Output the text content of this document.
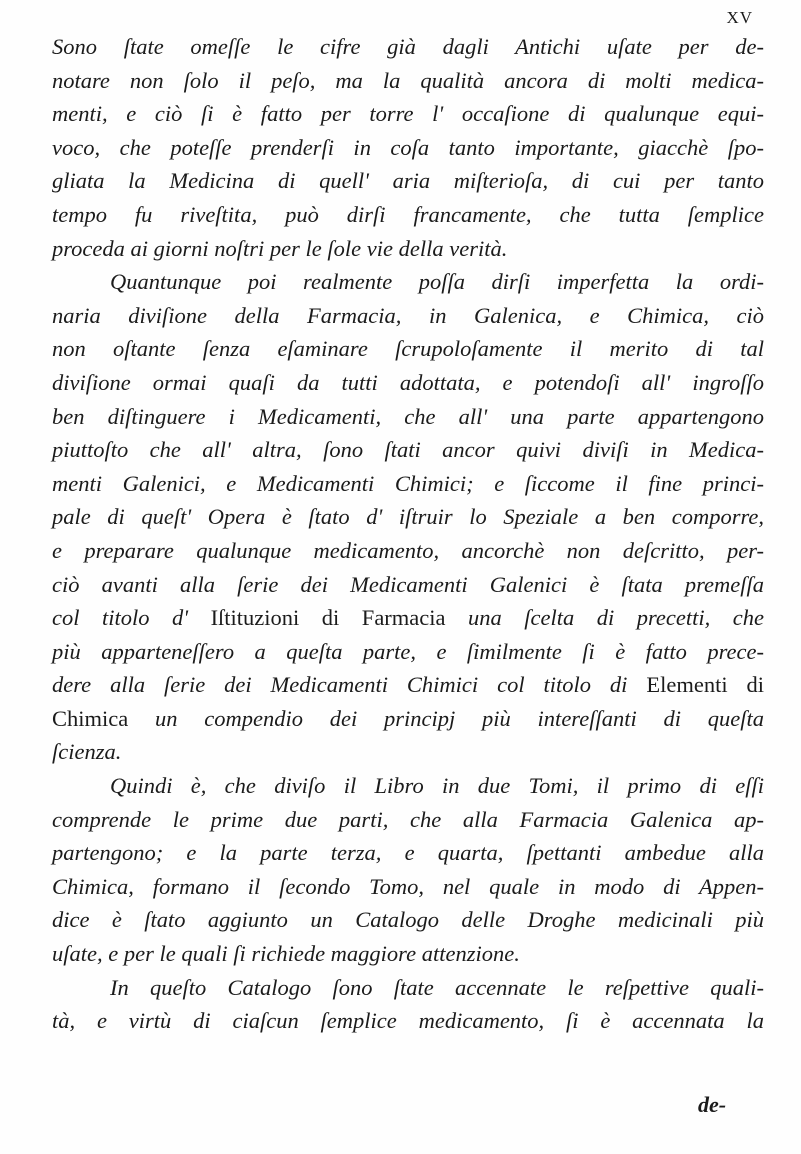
XV
Sono ſtate omeſſe le cifre già dagli Antichi uſate per de-
notare non ſolo il peſo, ma la qualità ancora di molti medica-
menti, e ciò ſi è fatto per torre l' occaſione di qualunque equi-
voco, che poteſſe prenderſi in coſa tanto importante, giacchè ſpo-
gliata la Medicina di quell' aria miſterioſa, di cui per tanto
tempo fu riveſtita, può dirſi francamente, che tutta ſemplice
proceda ai giorni noſtri per le ſole vie della verità.
Quantunque poi realmente poſſa dirſi imperfetta la ordi-
naria diviſione della Farmacia, in Galenica, e Chimica, ciò
non oſtante ſenza eſaminare ſcrupoloſamente il merito di tal
diviſione ormai quaſi da tutti adottata, e potendoſi all' ingroſſo
ben diſtinguere i Medicamenti, che all' una parte appartengono
piuttoſto che all' altra, ſono ſtati ancor quivi diviſi in Medica-
menti Galenici, e Medicamenti Chimici; e ſiccome il fine princi-
pale di queſt' Opera è ſtato d' iſtruir lo Speziale a ben comporre,
e preparare qualunque medicamento, ancorchè non deſcritto, per-
ciò avanti alla ſerie dei Medicamenti Galenici è ſtata premeſſa
col titolo d' Iſtituzioni di Farmacia una ſcelta di precetti, che
più apparteneſſero a queſta parte, e ſimilmente ſi è fatto prece-
dere alla ſerie dei Medicamenti Chimici col titolo di Elementi di
Chimica un compendio dei principj più intereſſanti di queſta
ſcienza.
Quindi è, che diviſo il Libro in due Tomi, il primo di eſſi
comprende le prime due parti, che alla Farmacia Galenica ap-
partengono; e la parte terza, e quarta, ſpettanti ambedue alla
Chimica, formano il ſecondo Tomo, nel quale in modo di Appen-
dice è ſtato aggiunto un Catalogo delle Droghe medicinali più
uſate, e per le quali ſi richiede maggiore attenzione.
In queſto Catalogo ſono ſtate accennate le reſpettive quali-
tà, e virtù di ciaſcun ſemplice medicamento, ſi è accennata la
de-
